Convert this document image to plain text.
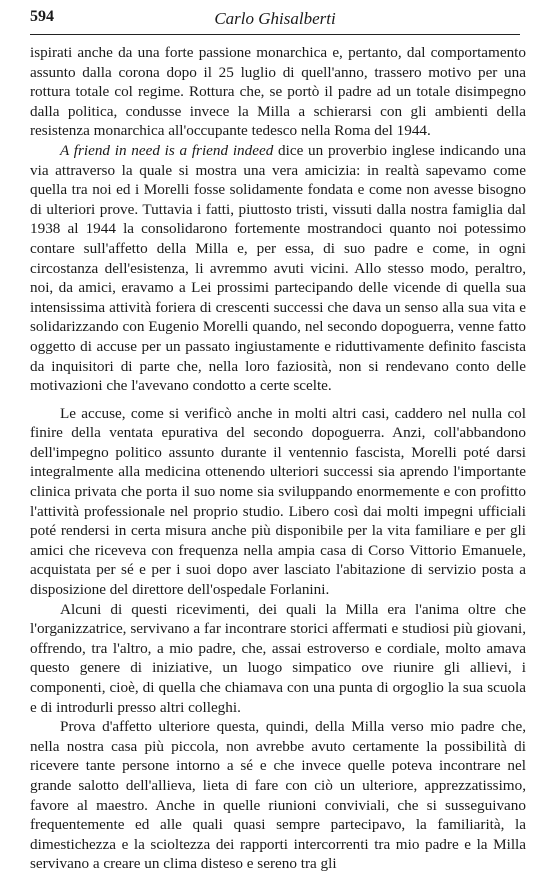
594	Carlo Ghisalberti

ispirati anche da una forte passione monarchica e, pertanto, dal comportamento assunto dalla corona dopo il 25 luglio di quell'anno, trassero motivo per una rottura totale col regime. Rottura che, se portò il padre ad un totale disimpegno dalla politica, condusse invece la Milla a schierarsi con gli ambienti della resistenza monarchica all'occupante tedesco nella Roma del 1944.

A friend in need is a friend indeed dice un proverbio inglese indicando una via attraverso la quale si mostra una vera amicizia: in realtà sapevamo come quella tra noi ed i Morelli fosse solidamente fondata e come non avesse bisogno di ulteriori prove. Tuttavia i fatti, piuttosto tristi, vissuti dalla nostra famiglia dal 1938 al 1944 la consolidarono fortemente mostrandoci quanto noi potessimo contare sull'affetto della Milla e, per essa, di suo padre e come, in ogni circostanza dell'esistenza, li avremmo avuti vicini. Allo stesso modo, peraltro, noi, da amici, eravamo a Lei prossimi partecipando delle vicende di quella sua intensissima attività foriera di crescenti successi che dava un senso alla sua vita e solidarizzando con Eugenio Morelli quando, nel secondo dopoguerra, venne fatto oggetto di accuse per un passato ingiustamente e riduttivamente definito fascista da inquisitori di parte che, nella loro faziosità, non si rendevano conto delle motivazioni che l'avevano condotto a certe scelte.

Le accuse, come si verificò anche in molti altri casi, caddero nel nulla col finire della ventata epurativa del secondo dopoguerra. Anzi, coll'abbandono dell'impegno politico assunto durante il ventennio fascista, Morelli poté darsi integralmente alla medicina ottenendo ulteriori successi sia aprendo l'importante clinica privata che porta il suo nome sia sviluppando enormemente e con profitto l'attività professionale nel proprio studio. Libero così dai molti impegni ufficiali poté rendersi in certa misura anche più disponibile per la vita familiare e per gli amici che riceveva con frequenza nella ampia casa di Corso Vittorio Emanuele, acquistata per sé e per i suoi dopo aver lasciato l'abitazione di servizio posta a disposizione del direttore dell'ospedale Forlanini.

Alcuni di questi ricevimenti, dei quali la Milla era l'anima oltre che l'organizzatrice, servivano a far incontrare storici affermati e studiosi più giovani, offrendo, tra l'altro, a mio padre, che, assai estroverso e cordiale, molto amava questo genere di iniziative, un luogo simpatico ove riunire gli allievi, i componenti, cioè, di quella che chiamava con una punta di orgoglio la sua scuola e di introdurli presso altri colleghi.

Prova d'affetto ulteriore questa, quindi, della Milla verso mio padre che, nella nostra casa più piccola, non avrebbe avuto certamente la possibilità di ricevere tante persone intorno a sé e che invece quelle poteva incontrare nel grande salotto dell'allieva, lieta di fare con ciò un ulteriore, apprezzatissimo, favore al maestro. Anche in quelle riunioni conviviali, che si susseguivano frequentemente ed alle quali quasi sempre partecipavo, la familiarità, la dimestichezza e la scioltezza dei rapporti intercorrenti tra mio padre e la Milla servivano a creare un clima disteso e sereno tra gli
